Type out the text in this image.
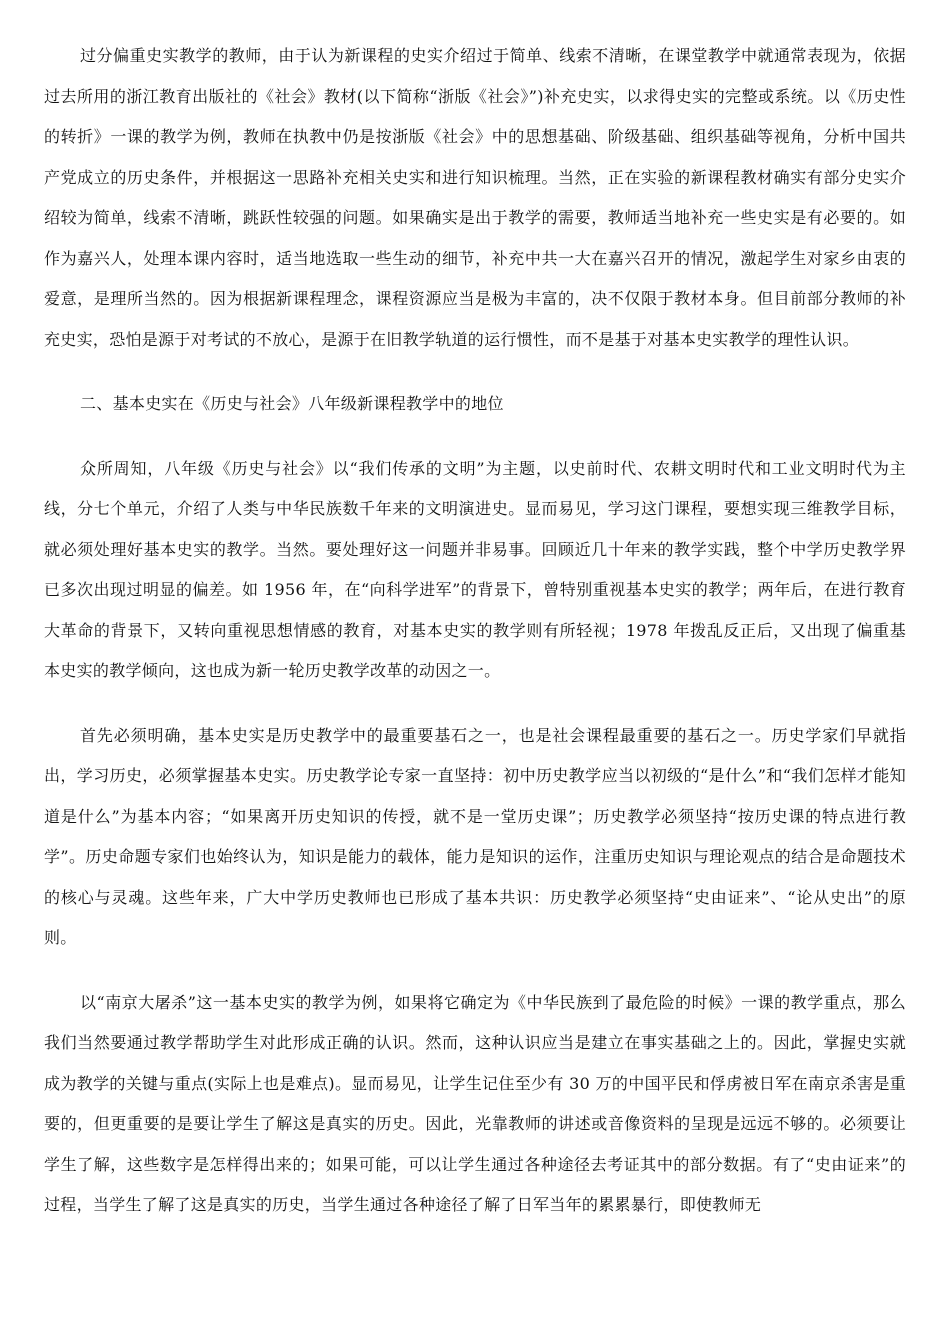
过分偏重史实教学的教师，由于认为新课程的史实介绍过于简单、线索不清晰，在课堂教学中就通常表现为，依据过去所用的浙江教育出版社的《社会》教材(以下简称“浙版《社会》”)补充史实，以求得史实的完整或系统。以《历史性的转折》一课的教学为例，教师在执教中仍是按浙版《社会》中的思想基础、阶级基础、组织基础等视角，分析中国共产党成立的历史条件，并根据这一思路补充相关史实和进行知识梳理。当然，正在实验的新课程教材确实有部分史实介绍较为简单，线索不清晰，跳跃性较强的问题。如果确实是出于教学的需要，教师适当地补充一些史实是有必要的。如作为嘉兴人，处理本课内容时，适当地选取一些生动的细节，补充中共一大在嘉兴召开的情况，激起学生对家乡由衷的爱意，是理所当然的。因为根据新课程理念，课程资源应当是极为丰富的，决不仅限于教材本身。但目前部分教师的补充史实，恐怕是源于对考试的不放心，是源于在旧教学轨道的运行惯性，而不是基于对基本史实教学的理性认识。

二、基本史实在《历史与社会》八年级新课程教学中的地位

众所周知，八年级《历史与社会》以“我们传承的文明”为主题，以史前时代、农耕文明时代和工业文明时代为主线，分七个单元，介绍了人类与中华民族数千年来的文明演进史。显而易见，学习这门课程，要想实现三维教学目标，就必须处理好基本史实的教学。当然。要处理好这一问题并非易事。回顾近几十年来的教学实践，整个中学历史教学界已多次出现过明显的偏差。如 1956 年，在“向科学进军”的背景下，曾特别重视基本史实的教学；两年后，在进行教育大革命的背景下，又转向重视思想情感的教育，对基本史实的教学则有所轻视；1978 年拨乱反正后，又出现了偏重基本史实的教学倾向，这也成为新一轮历史教学改革的动因之一。

首先必须明确，基本史实是历史教学中的最重要基石之一，也是社会课程最重要的基石之一。历史学家们早就指出，学习历史，必须掌握基本史实。历史教学论专家一直坚持：初中历史教学应当以初级的“是什么”和“我们怎样才能知道是什么”为基本内容；“如果离开历史知识的传授，就不是一堂历史课”；历史教学必须坚持“按历史课的特点进行教学”。历史命题专家们也始终认为，知识是能力的载体，能力是知识的运作，注重历史知识与理论观点的结合是命题技术的核心与灵魂。这些年来，广大中学历史教师也已形成了基本共识：历史教学必须坚持“史由证来”、“论从史出”的原则。

以“南京大屠杀”这一基本史实的教学为例，如果将它确定为《中华民族到了最危险的时候》一课的教学重点，那么我们当然要通过教学帮助学生对此形成正确的认识。然而，这种认识应当是建立在事实基础之上的。因此，掌握史实就成为教学的关键与重点(实际上也是难点)。显而易见，让学生记住至少有 30 万的中国平民和俘虏被日军在南京杀害是重要的，但更重要的是要让学生了解这是真实的历史。因此，光靠教师的讲述或音像资料的呈现是远远不够的。必须要让学生了解，这些数字是怎样得出来的；如果可能，可以让学生通过各种途径去考证其中的部分数据。有了“史由证来”的过程，当学生了解了这是真实的历史，当学生通过各种途径了解了日军当年的累累暴行，即使教师无
